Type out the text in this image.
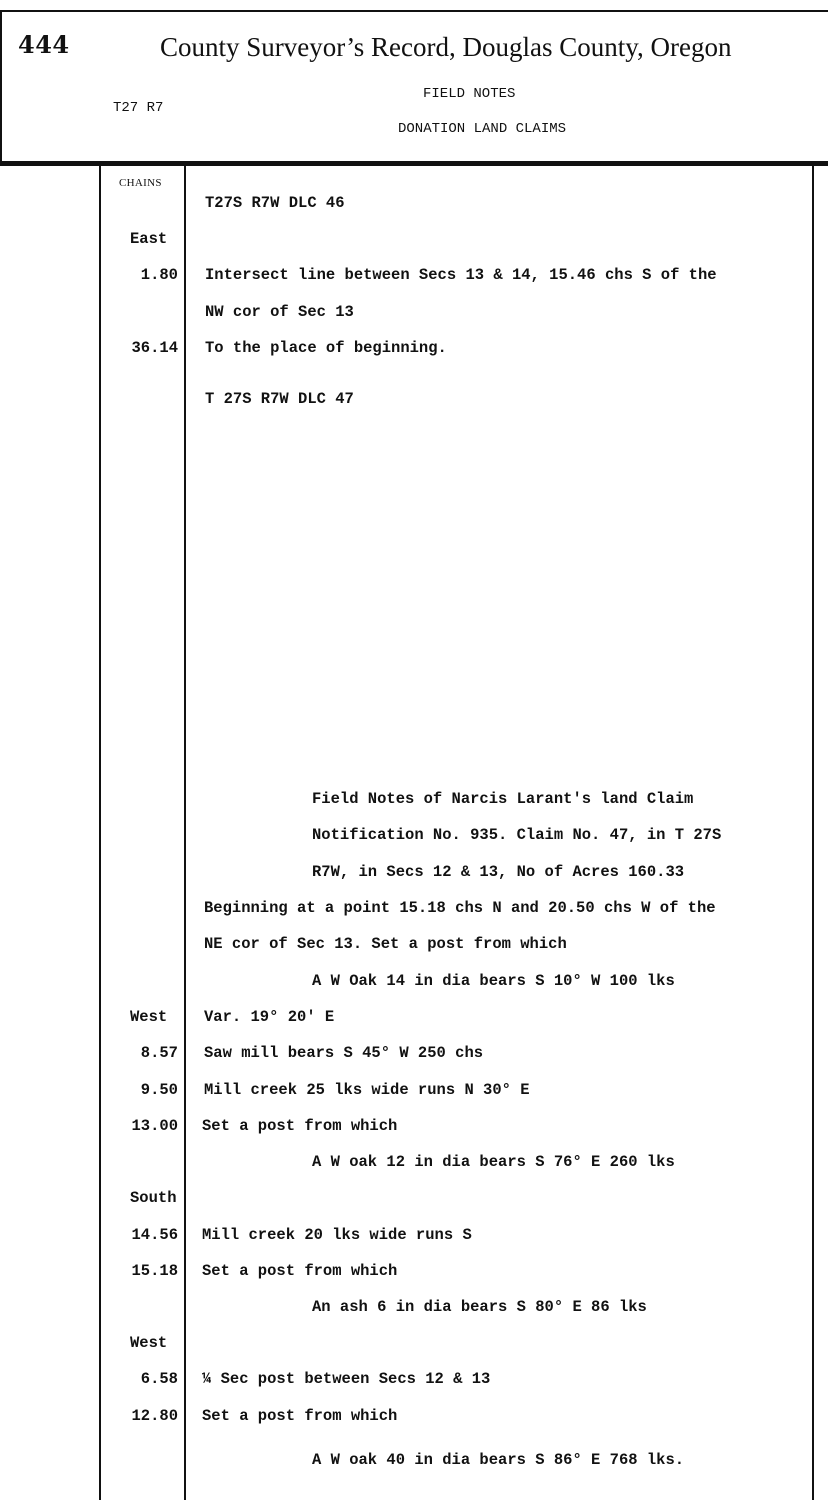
444	County Surveyor’s Record, Douglas County, Oregon
T27 R7
FIELD NOTES
DONATION LAND CLAIMS
CHAINS
T27S R7W DLC 46
East
1.80 Intersect line between Secs 13 & 14, 15.46 chs S of the
NW cor of Sec 13
36.14 To the place of beginning.
T 27S R7W DLC 47
Field Notes of Narcis Larant's land Claim
Notification No. 935. Claim No. 47, in T 27S
R7W, in Secs 12 & 13, No of Acres 160.33
Beginning at a point 15.18 chs N and 20.50 chs W of the
NE cor of Sec 13. Set a post from which
A W Oak 14 in dia bears S 10° W 100 lks
West Var. 19° 20' E
8.57 Saw mill bears S 45° W 250 chs
9.50 Mill creek 25 lks wide runs N 30° E
13.00 Set a post from which
A W oak 12 in dia bears S 76° E 260 lks
South
14.56 Mill creek 20 lks wide runs S
15.18 Set a post from which
An ash 6 in dia bears S 80° E 86 lks
West
6.58 ¼ Sec post between Secs 12 & 13
12.80 Set a post from which
A W oak 40 in dia bears S 86° E 768 lks.
